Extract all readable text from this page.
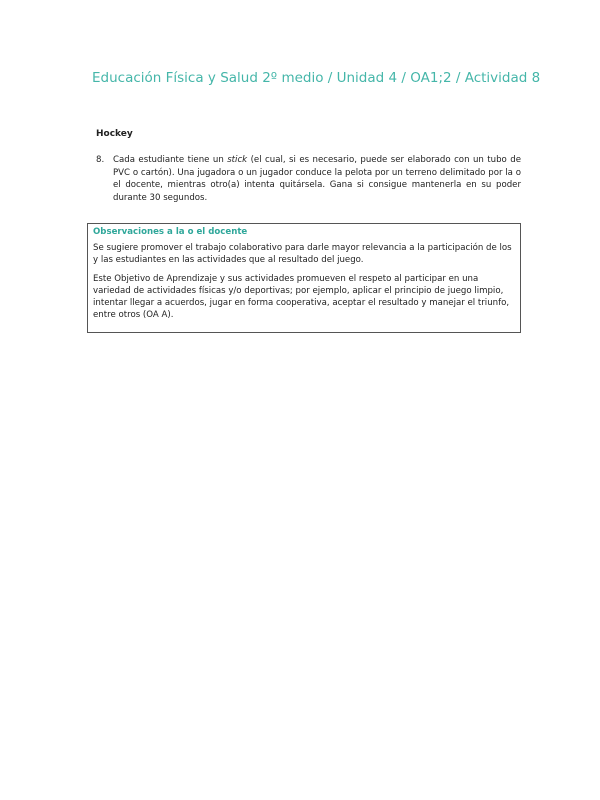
Educación Física y Salud 2º medio / Unidad 4 / OA1;2 / Actividad 8
Hockey
8.	Cada estudiante tiene un stick (el cual, si es necesario, puede ser elaborado con un tubo de PVC o cartón). Una jugadora o un jugador conduce la pelota por un terreno delimitado por la o el docente, mientras otro(a) intenta quitársela. Gana si consigue mantenerla en su poder durante 30 segundos.
Observaciones a la o el docente

Se sugiere promover el trabajo colaborativo para darle mayor relevancia a la participación de los y las estudiantes en las actividades que al resultado del juego.

Este Objetivo de Aprendizaje y sus actividades promueven el respeto al participar en una variedad de actividades físicas y/o deportivas; por ejemplo, aplicar el principio de juego limpio, intentar llegar a acuerdos, jugar en forma cooperativa, aceptar el resultado y manejar el triunfo, entre otros (OA A).
